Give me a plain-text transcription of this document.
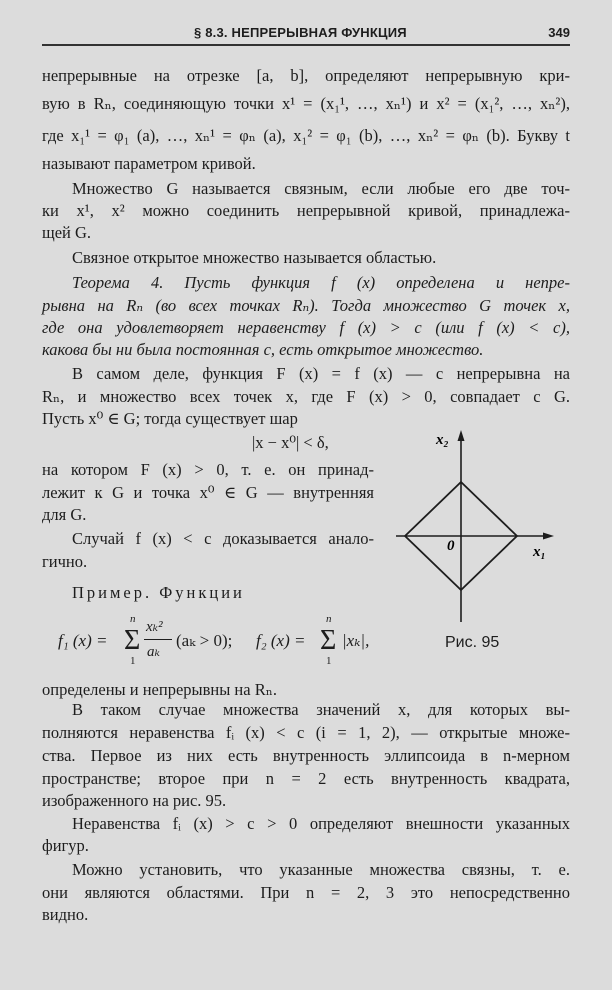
§ 8.3. НЕПРЕРЫВНАЯ ФУНКЦИЯ	349
непрерывные на отрезке [a, b], определяют непрерывную кри-
вую в Rₙ, соединяющую точки x¹ = (x₁¹, …, xₙ¹) и x² = (x₁², …, xₙ²),
где x₁¹ = φ₁ (a), …, xₙ¹ = φₙ (a), x₁² = φ₁ (b), …, xₙ² = φₙ (b). Букву t
называют параметром кривой.
Множество G называется связным, если любые его две точ-
ки x¹, x² можно соединить непрерывной кривой, принадлежа-
щей G.
Связное открытое множество называется областью.
Теорема 4. Пусть функция f (x) определена и непре-
рывна на Rₙ (во всех точках Rₙ). Тогда множество G точек x,
где она удовлетворяет неравенству f (x) > c (или f (x) < c),
какова бы ни была постоянная c, есть открытое множество.
В самом деле, функция F (x) = f (x) — c непрерывна на
Rₙ, и множество всех точек x, где F (x) > 0, совпадает с G.
Пусть x⁰ ∈ G; тогда существует шар
|x − x⁰| < δ,
на котором F (x) > 0, т. е. он принад-
лежит к G и точка x⁰ ∈ G — внутренняя
для G.
Случай f (x) < c доказывается анало-
гично.
Пример. Функции
f₁ (x) = Σ
n
1
xₖ²
aₖ
(aₖ > 0); f₂ (x) = Σ
n
1
|xₖ|,
определены и непрерывны на Rₙ.
В таком случае множества значений x, для которых вы-
полняются неравенства fᵢ (x) < c (i = 1, 2), — открытые множе-
ства. Первое из них есть внутренность эллипсоида в n-мерном
пространстве; второе при n = 2 есть внутренность квадрата,
изображенного на рис. 95.
Неравенства fᵢ (x) > c > 0 определяют внешности указанных
фигур.
Можно установить, что указанные множества связны, т. е.
они являются областями. При n = 2, 3 это непосредственно
видно.
x₂
x₁
0
Рис. 95
